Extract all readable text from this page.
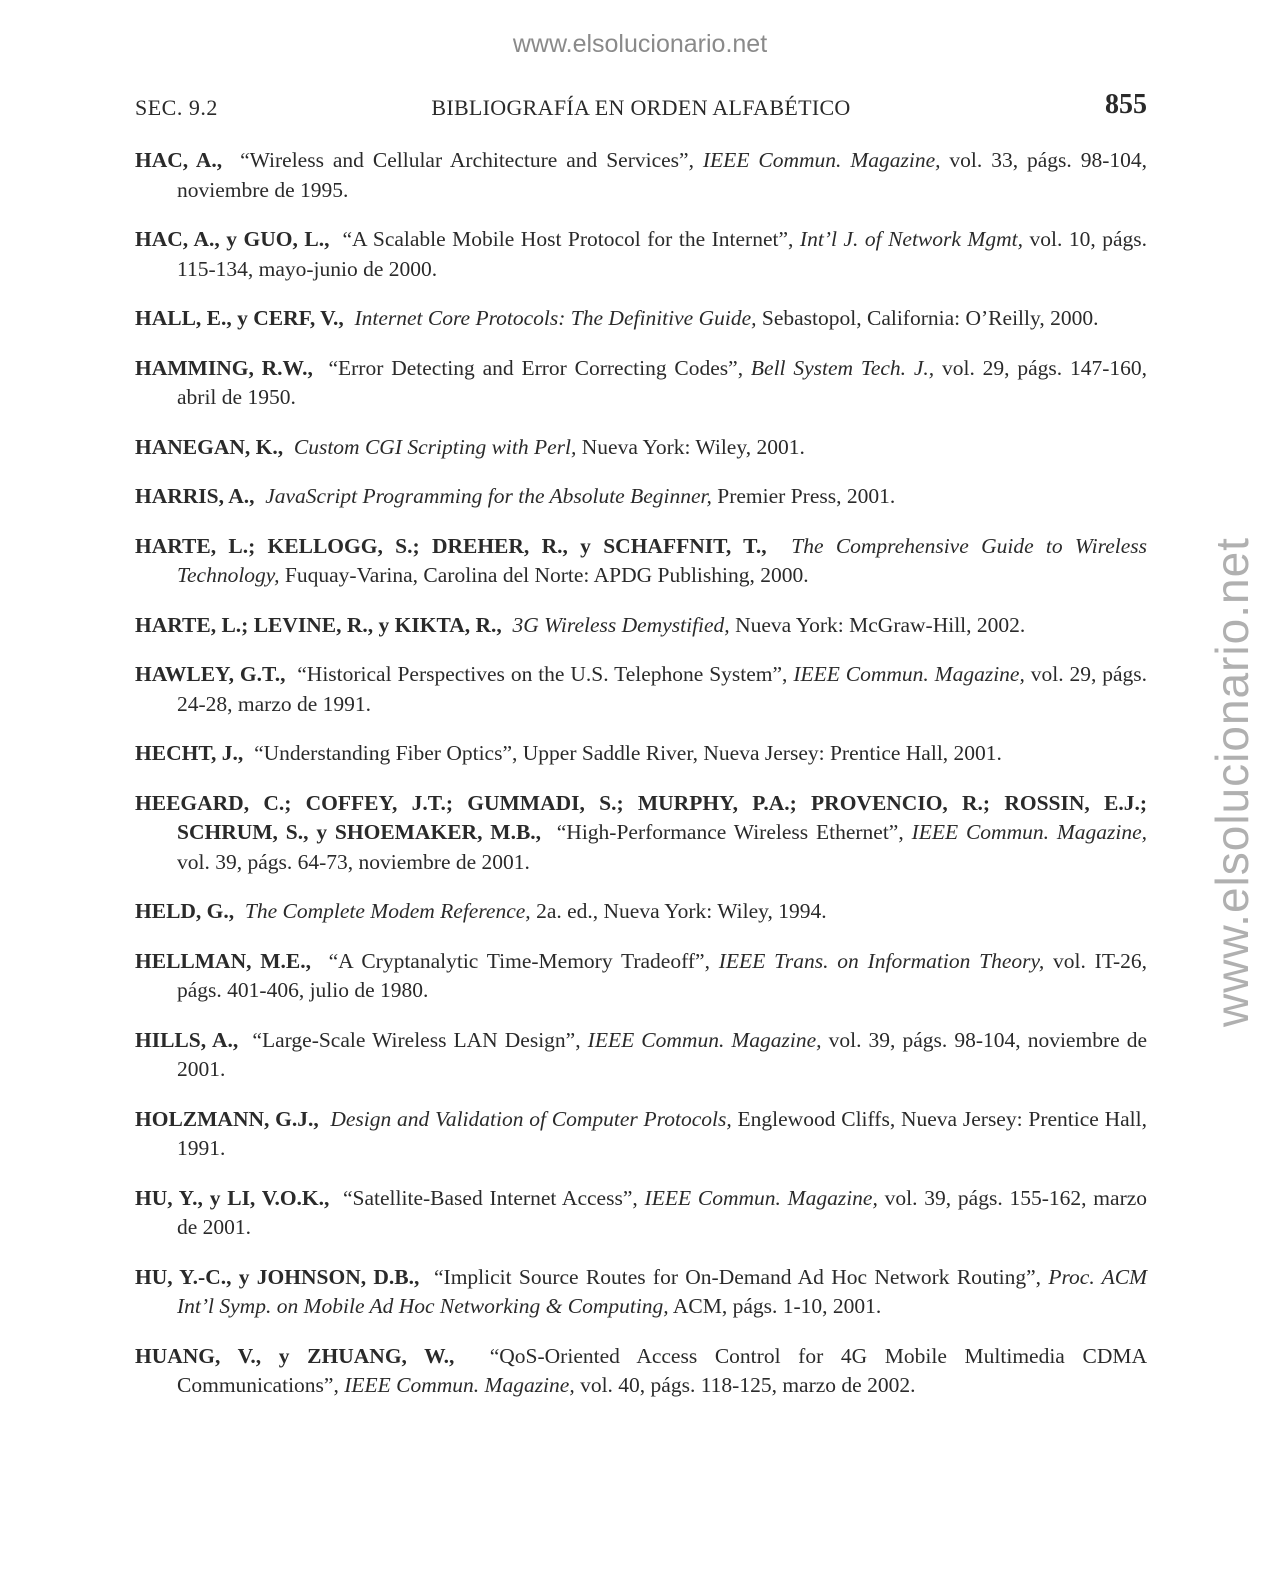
www.elsolucionario.net
www.elsolucionario.net
SEC. 9.2	BIBLIOGRAFÍA EN ORDEN ALFABÉTICO	855
HAC, A., “Wireless and Cellular Architecture and Services”, IEEE Commun. Magazine, vol. 33, págs. 98-104, noviembre de 1995.
HAC, A., y GUO, L., “A Scalable Mobile Host Protocol for the Internet”, Int’l J. of Network Mgmt, vol. 10, págs. 115-134, mayo-junio de 2000.
HALL, E., y CERF, V., Internet Core Protocols: The Definitive Guide, Sebastopol, California: O’Reilly, 2000.
HAMMING, R.W., “Error Detecting and Error Correcting Codes”, Bell System Tech. J., vol. 29, págs. 147-160, abril de 1950.
HANEGAN, K., Custom CGI Scripting with Perl, Nueva York: Wiley, 2001.
HARRIS, A., JavaScript Programming for the Absolute Beginner, Premier Press, 2001.
HARTE, L.; KELLOGG, S.; DREHER, R., y SCHAFFNIT, T., The Comprehensive Guide to Wireless Technology, Fuquay-Varina, Carolina del Norte: APDG Publishing, 2000.
HARTE, L.; LEVINE, R., y KIKTA, R., 3G Wireless Demystified, Nueva York: McGraw-Hill, 2002.
HAWLEY, G.T., “Historical Perspectives on the U.S. Telephone System”, IEEE Commun. Magazine, vol. 29, págs. 24-28, marzo de 1991.
HECHT, J., “Understanding Fiber Optics”, Upper Saddle River, Nueva Jersey: Prentice Hall, 2001.
HEEGARD, C.; COFFEY, J.T.; GUMMADI, S.; MURPHY, P.A.; PROVENCIO, R.; ROSSIN, E.J.; SCHRUM, S., y SHOEMAKER, M.B., “High-Performance Wireless Ethernet”, IEEE Commun. Magazine, vol. 39, págs. 64-73, noviembre de 2001.
HELD, G., The Complete Modem Reference, 2a. ed., Nueva York: Wiley, 1994.
HELLMAN, M.E., “A Cryptanalytic Time-Memory Tradeoff”, IEEE Trans. on Information Theory, vol. IT-26, págs. 401-406, julio de 1980.
HILLS, A., “Large-Scale Wireless LAN Design”, IEEE Commun. Magazine, vol. 39, págs. 98-104, noviembre de 2001.
HOLZMANN, G.J., Design and Validation of Computer Protocols, Englewood Cliffs, Nueva Jersey: Prentice Hall, 1991.
HU, Y., y LI, V.O.K., “Satellite-Based Internet Access”, IEEE Commun. Magazine, vol. 39, págs. 155-162, marzo de 2001.
HU, Y.-C., y JOHNSON, D.B., “Implicit Source Routes for On-Demand Ad Hoc Network Routing”, Proc. ACM Int’l Symp. on Mobile Ad Hoc Networking & Computing, ACM, págs. 1-10, 2001.
HUANG, V., y ZHUANG, W., “QoS-Oriented Access Control for 4G Mobile Multimedia CDMA Communications”, IEEE Commun. Magazine, vol. 40, págs. 118-125, marzo de 2002.
